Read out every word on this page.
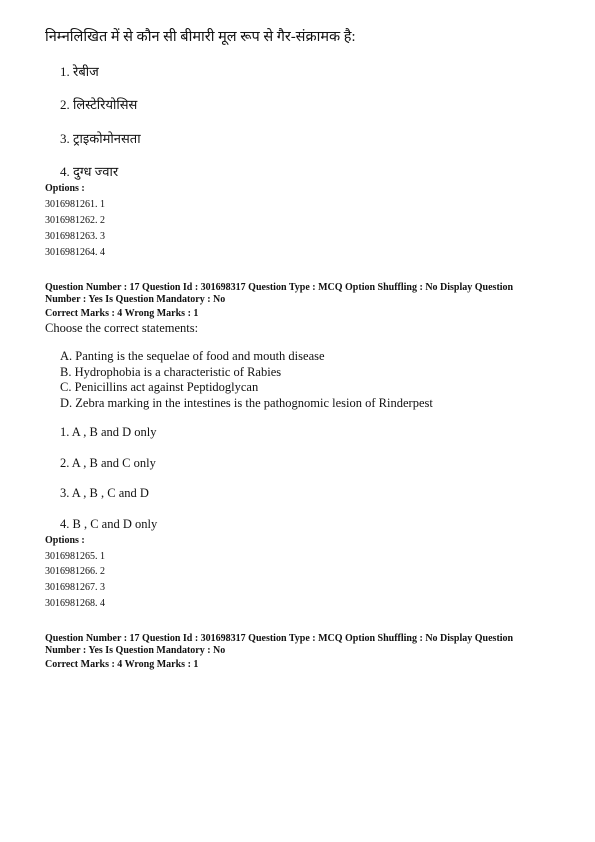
निम्नलिखित में से कौन सी बीमारी मूल रूप से गैर-संक्रामक है:
1. रेबीज
2. लिस्टेरियोसिस
3. ट्राइकोमोनसता
4. दुग्ध ज्वार
Options :
3016981261. 1
3016981262. 2
3016981263. 3
3016981264. 4
Question Number : 17 Question Id : 301698317 Question Type : MCQ Option Shuffling : No Display Question
Number : Yes Is Question Mandatory : No
Correct Marks : 4 Wrong Marks : 1
Choose the correct statements:
A. Panting is the sequelae of food and mouth disease
B. Hydrophobia is a characteristic of Rabies
C. Penicillins act against Peptidoglycan
D. Zebra marking in the intestines is the pathognomic lesion of Rinderpest
1. A , B and D only
2. A , B and C only
3. A , B , C and D
4. B , C and D only
Options :
3016981265. 1
3016981266. 2
3016981267. 3
3016981268. 4
Question Number : 17 Question Id : 301698317 Question Type : MCQ Option Shuffling : No Display Question
Number : Yes Is Question Mandatory : No
Correct Marks : 4 Wrong Marks : 1
